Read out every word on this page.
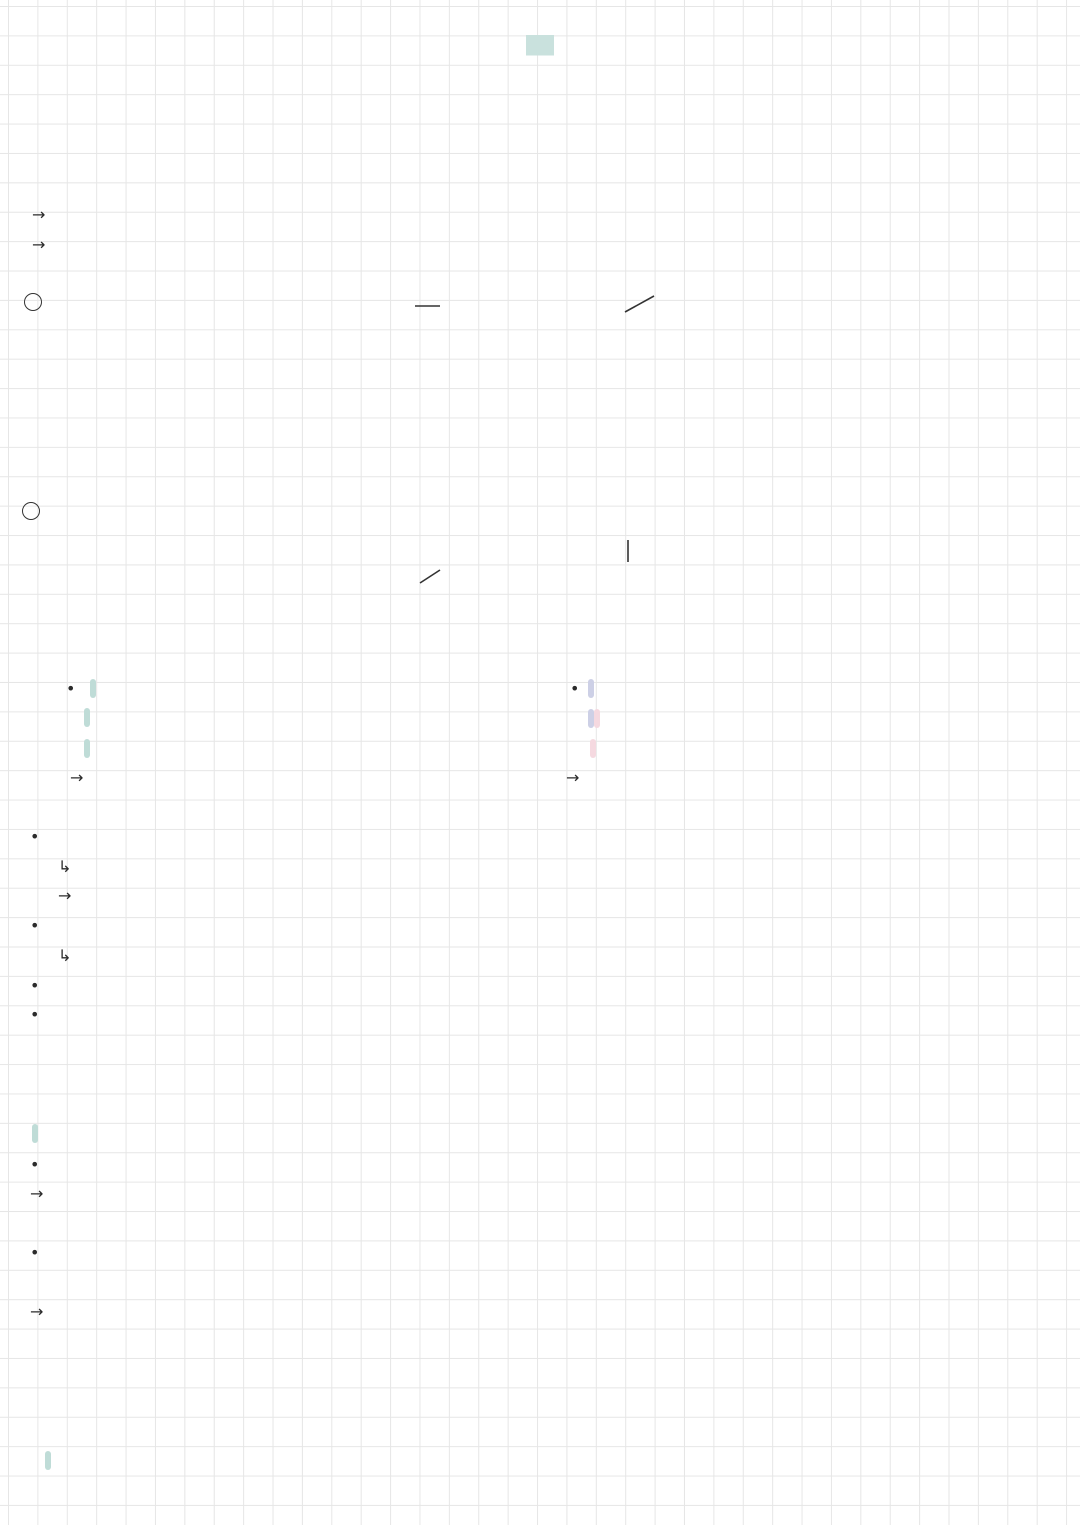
→
→
•
→
•
→
•
↳
→
•
↳
•
•

•
→

•
→
